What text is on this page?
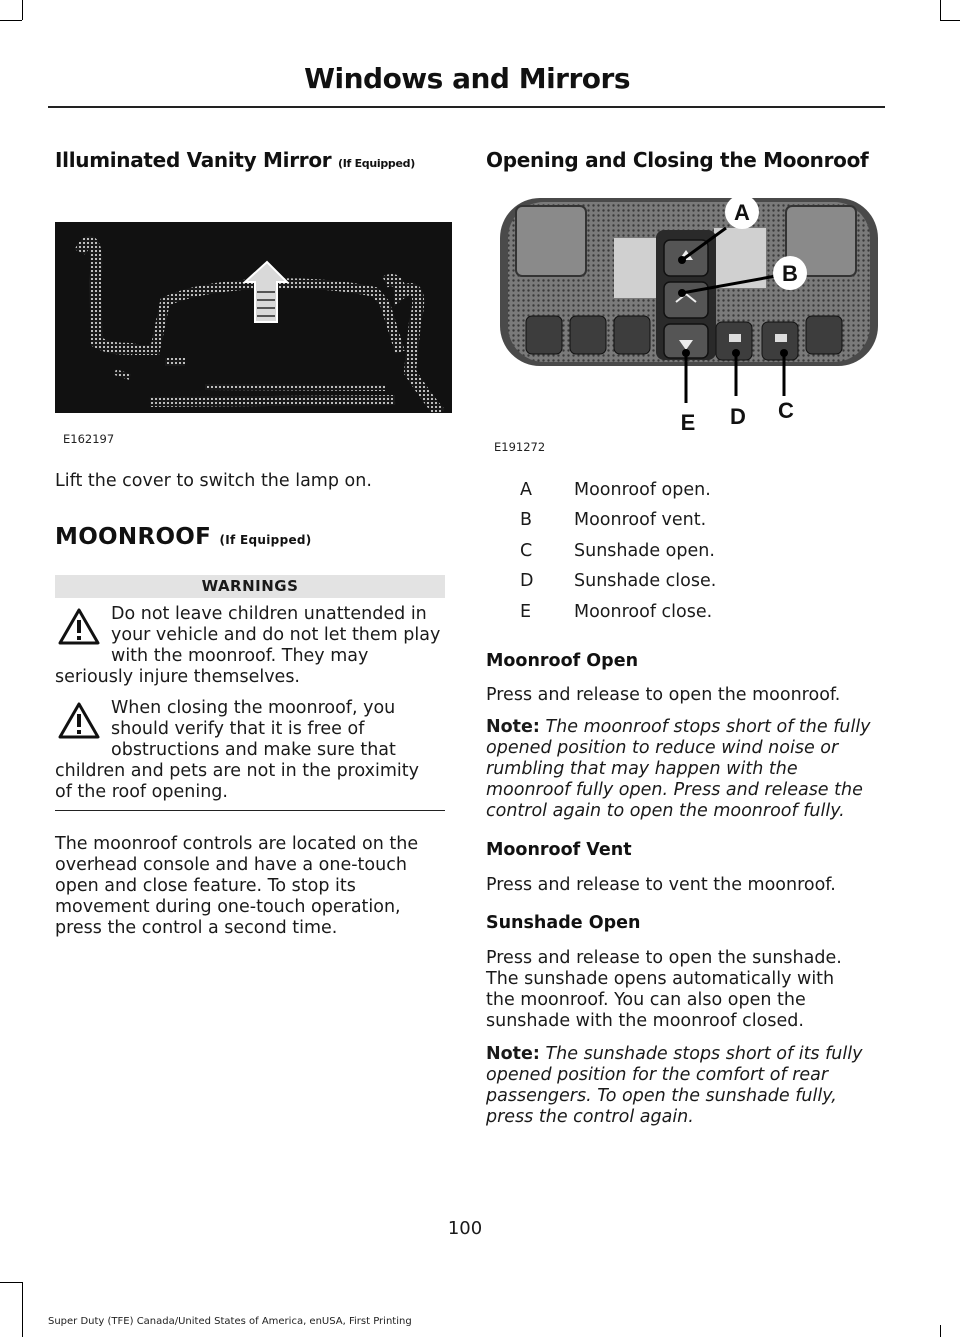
Windows and Mirrors
Illuminated Vanity Mirror (If Equipped)
E162197
Lift the cover to switch the lamp on.
MOONROOF (If Equipped)
WARNINGS
Do not leave children unattended in
your vehicle and do not let them play
with the moonroof. They may
seriously injure themselves.
When closing the moonroof, you
should verify that it is free of
obstructions and make sure that
children and pets are not in the proximity
of the roof opening.
The moonroof controls are located on the
overhead console and have a one-touch
open and close feature. To stop its
movement during one-touch operation,
press the control a second time.
Opening and Closing the Moonroof
A
B
C
D
E
E191272
A	Moonroof open.
B	Moonroof vent.
C	Sunshade open.
D	Sunshade close.
E	Moonroof close.
Moonroof Open
Press and release to open the moonroof.
Note: The moonroof stops short of the fully
opened position to reduce wind noise or
rumbling that may happen with the
moonroof fully open. Press and release the
control again to open the moonroof fully.
Moonroof Vent
Press and release to vent the moonroof.
Sunshade Open
Press and release to open the sunshade.
The sunshade opens automatically with
the moonroof. You can also open the
sunshade with the moonroof closed.
Note: The sunshade stops short of its fully
opened position for the comfort of rear
passengers. To open the sunshade fully,
press the control again.
100
Super Duty (TFE) Canada/United States of America, enUSA, First Printing
